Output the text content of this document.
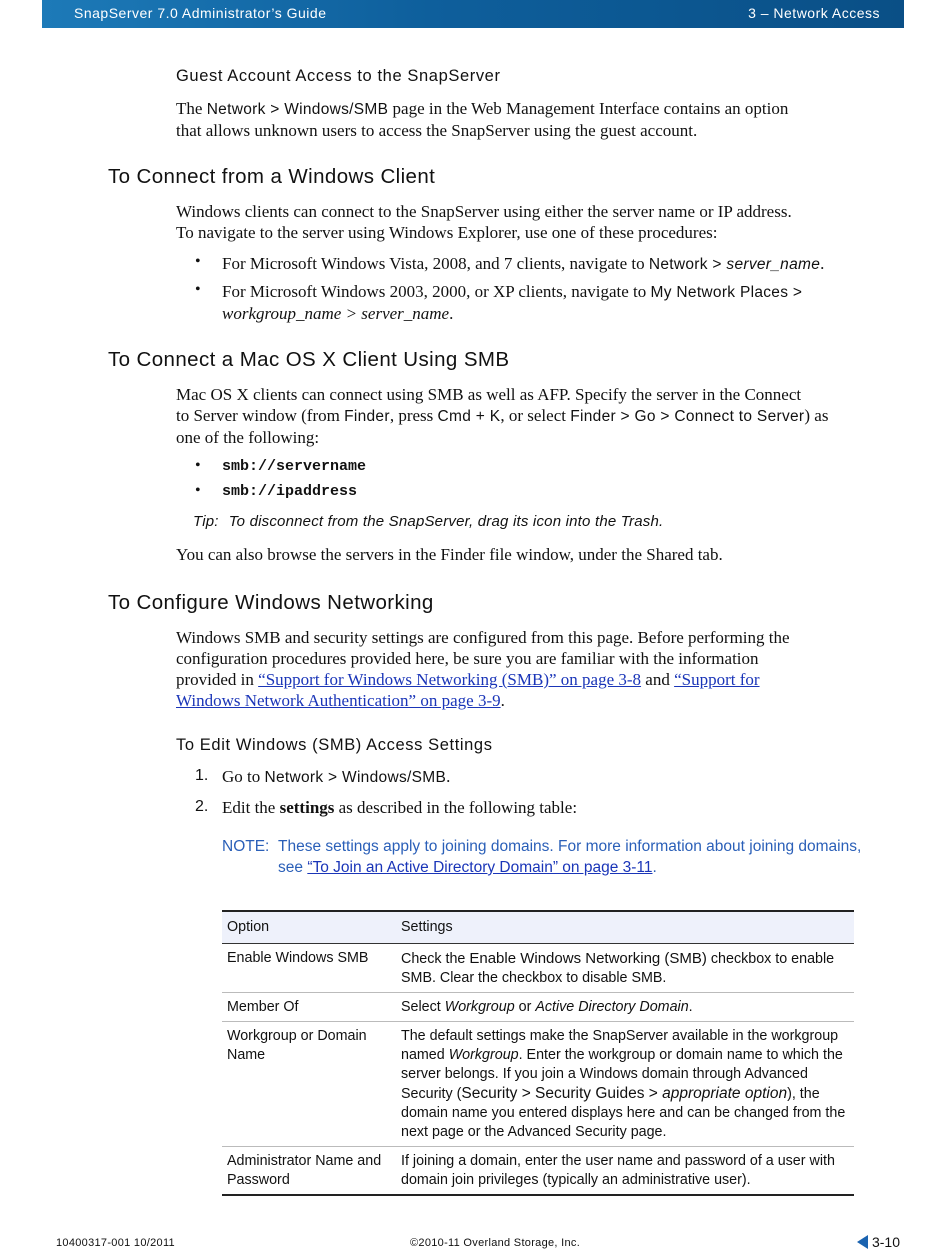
SnapServer 7.0 Administrator’s Guide	3 – Network Access
Guest Account Access to the SnapServer
The Network > Windows/SMB page in the Web Management Interface contains an option
that allows unknown users to access the SnapServer using the guest account.
To Connect from a Windows Client
Windows clients can connect to the SnapServer using either the server name or IP address.
To navigate to the server using Windows Explorer, use one of these procedures:
• For Microsoft Windows Vista, 2008, and 7 clients, navigate to Network > server_name.
• For Microsoft Windows 2003, 2000, or XP clients, navigate to My Network Places >
workgroup_name > server_name.
To Connect a Mac OS X Client Using SMB
Mac OS X clients can connect using SMB as well as AFP. Specify the server in the Connect
to Server window (from Finder, press Cmd + K, or select Finder > Go > Connect to Server) as
one of the following:
• smb://servername
• smb://ipaddress
Tip: To disconnect from the SnapServer, drag its icon into the Trash.
You can also browse the servers in the Finder file window, under the Shared tab.
To Configure Windows Networking
Windows SMB and security settings are configured from this page. Before performing the
configuration procedures provided here, be sure you are familiar with the information
provided in “Support for Windows Networking (SMB)” on page 3-8 and “Support for
Windows Network Authentication” on page 3-9.
To Edit Windows (SMB) Access Settings
1. Go to Network > Windows/SMB.
2. Edit the settings as described in the following table:
NOTE: These settings apply to joining domains. For more information about joining domains,
see “To Join an Active Directory Domain” on page 3-11.
Option	Settings
Enable Windows SMB	Check the Enable Windows Networking (SMB) checkbox to enable SMB. Clear the checkbox to disable SMB.
Member Of	Select Workgroup or Active Directory Domain.
Workgroup or Domain Name	The default settings make the SnapServer available in the workgroup named Workgroup. Enter the workgroup or domain name to which the server belongs. If you join a Windows domain through Advanced Security (Security > Security Guides > appropriate option), the domain name you entered displays here and can be changed from the next page or the Advanced Security page.
Administrator Name and Password	If joining a domain, enter the user name and password of a user with domain join privileges (typically an administrative user).
10400317-001 10/2011	©2010-11 Overland Storage, Inc.	3-10
